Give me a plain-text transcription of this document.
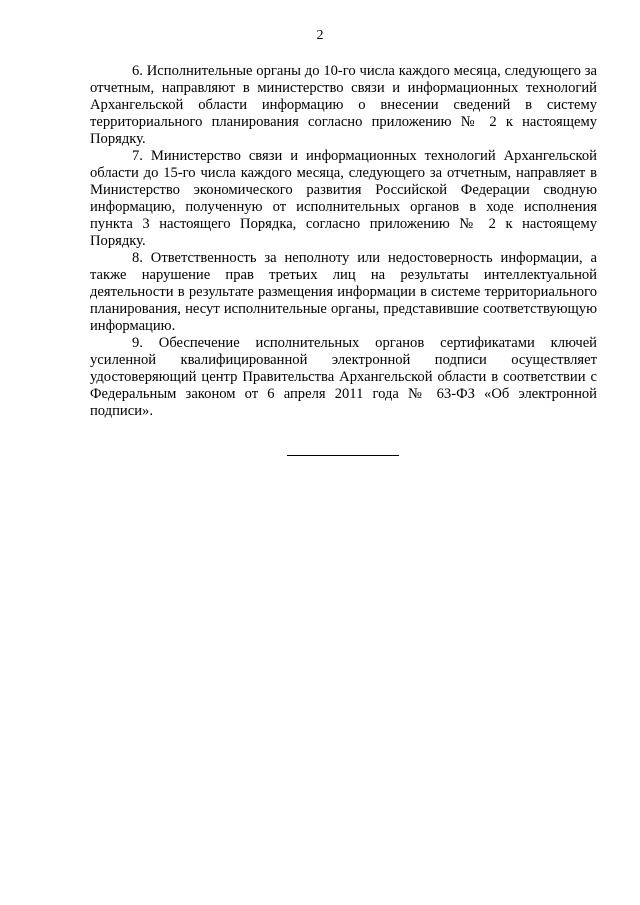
2

6. Исполнительные органы до 10-го числа каждого месяца, следующего за отчетным, направляют в министерство связи и информационных технологий Архангельской области информацию о внесении сведений в систему территориального планирования согласно приложению № 2 к настоящему Порядку.

7. Министерство связи и информационных технологий Архангельской области до 15-го числа каждого месяца, следующего за отчетным, направляет в Министерство экономического развития Российской Федерации сводную информацию, полученную от исполнительных органов в ходе исполнения пункта 3 настоящего Порядка, согласно приложению № 2 к настоящему Порядку.

8. Ответственность за неполноту или недостоверность информации, а также нарушение прав третьих лиц на результаты интеллектуальной деятельности в результате размещения информации в системе территориального планирования, несут исполнительные органы, представившие соответствующую информацию.

9. Обеспечение исполнительных органов сертификатами ключей усиленной квалифицированной электронной подписи осуществляет удостоверяющий центр Правительства Архангельской области в соответствии с Федеральным законом от 6 апреля 2011 года № 63-ФЗ «Об электронной подписи».
